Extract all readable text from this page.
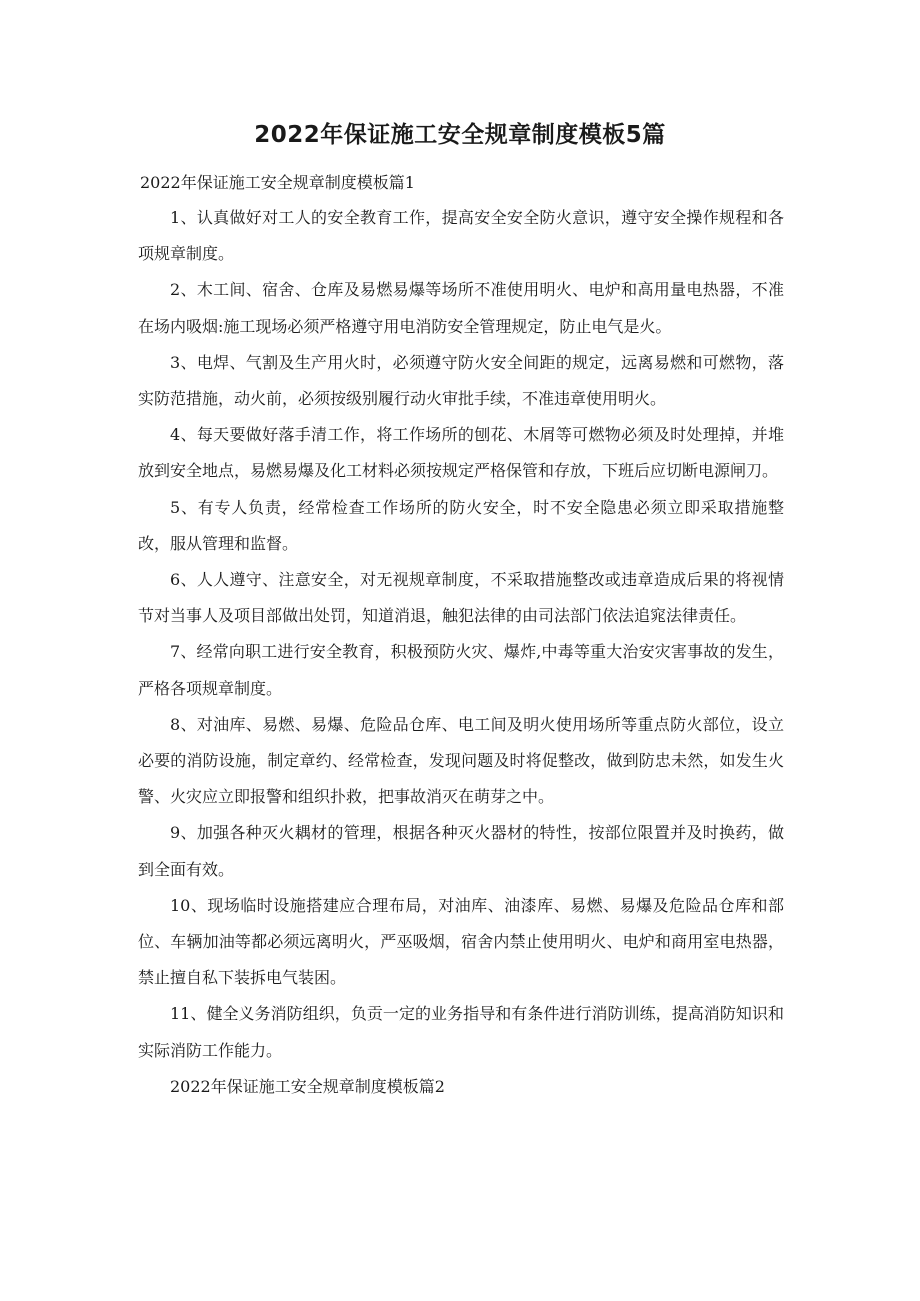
2022年保证施工安全规章制度模板5篇

2022年保证施工安全规章制度模板篇1

1、认真做好对工人的安全教育工作，提高安全安全防火意识，遵守安全操作规程和各项规章制度。

2、木工间、宿舍、仓库及易燃易爆等场所不准使用明火、电炉和高用量电热器，不准在场内吸烟:施工现场必须严格遵守用电消防安全管理规定，防止电气是火。

3、电焊、气割及生产用火时，必须遵守防火安全间距的规定，远离易燃和可燃物，落实防范措施，动火前，必须按级别履行动火审批手续，不准违章使用明火。

4、每天要做好落手清工作，将工作场所的刨花、木屑等可燃物必须及时处理掉，并堆放到安全地点，易燃易爆及化工材料必须按规定严格保管和存放，下班后应切断电源闸刀。

5、有专人负责，经常检查工作场所的防火安全，时不安全隐患必须立即采取措施整改，服从管理和监督。

6、人人遵守、注意安全，对无视规章制度，不采取措施整改或违章造成后果的将视情节对当事人及项目部做出处罚，知道消退，触犯法律的由司法部门依法追窕法律责任。

7、经常向职工进行安全教育，积极预防火灾、爆炸,中毒等重大治安灾害事故的发生，严格各项规章制度。

8、对油库、易燃、易爆、危险品仓库、电工间及明火使用场所等重点防火部位，设立必要的消防设施，制定章约、经常检查，发现问题及时将促整改，做到防忠未然，如发生火警、火灾应立即报警和组织扑救，把事故消灭在萌芽之中。

9、加强各种灭火耦材的管理，根据各种灭火器材的特性，按部位限置并及时换药，做到全面有效。

10、现场临时设施搭建应合理布局，对油库、油漆库、易燃、易爆及危险品仓库和部位、车辆加油等都必须远离明火，严巫吸烟，宿舍内禁止使用明火、电炉和商用室电热器，禁止擅自私下装拆电气装困。

11、健全义务消防组织，负贡一定的业务指导和有条件进行消防训练，提高消防知识和实际消防工作能力。

2022年保证施工安全规章制度模板篇2
